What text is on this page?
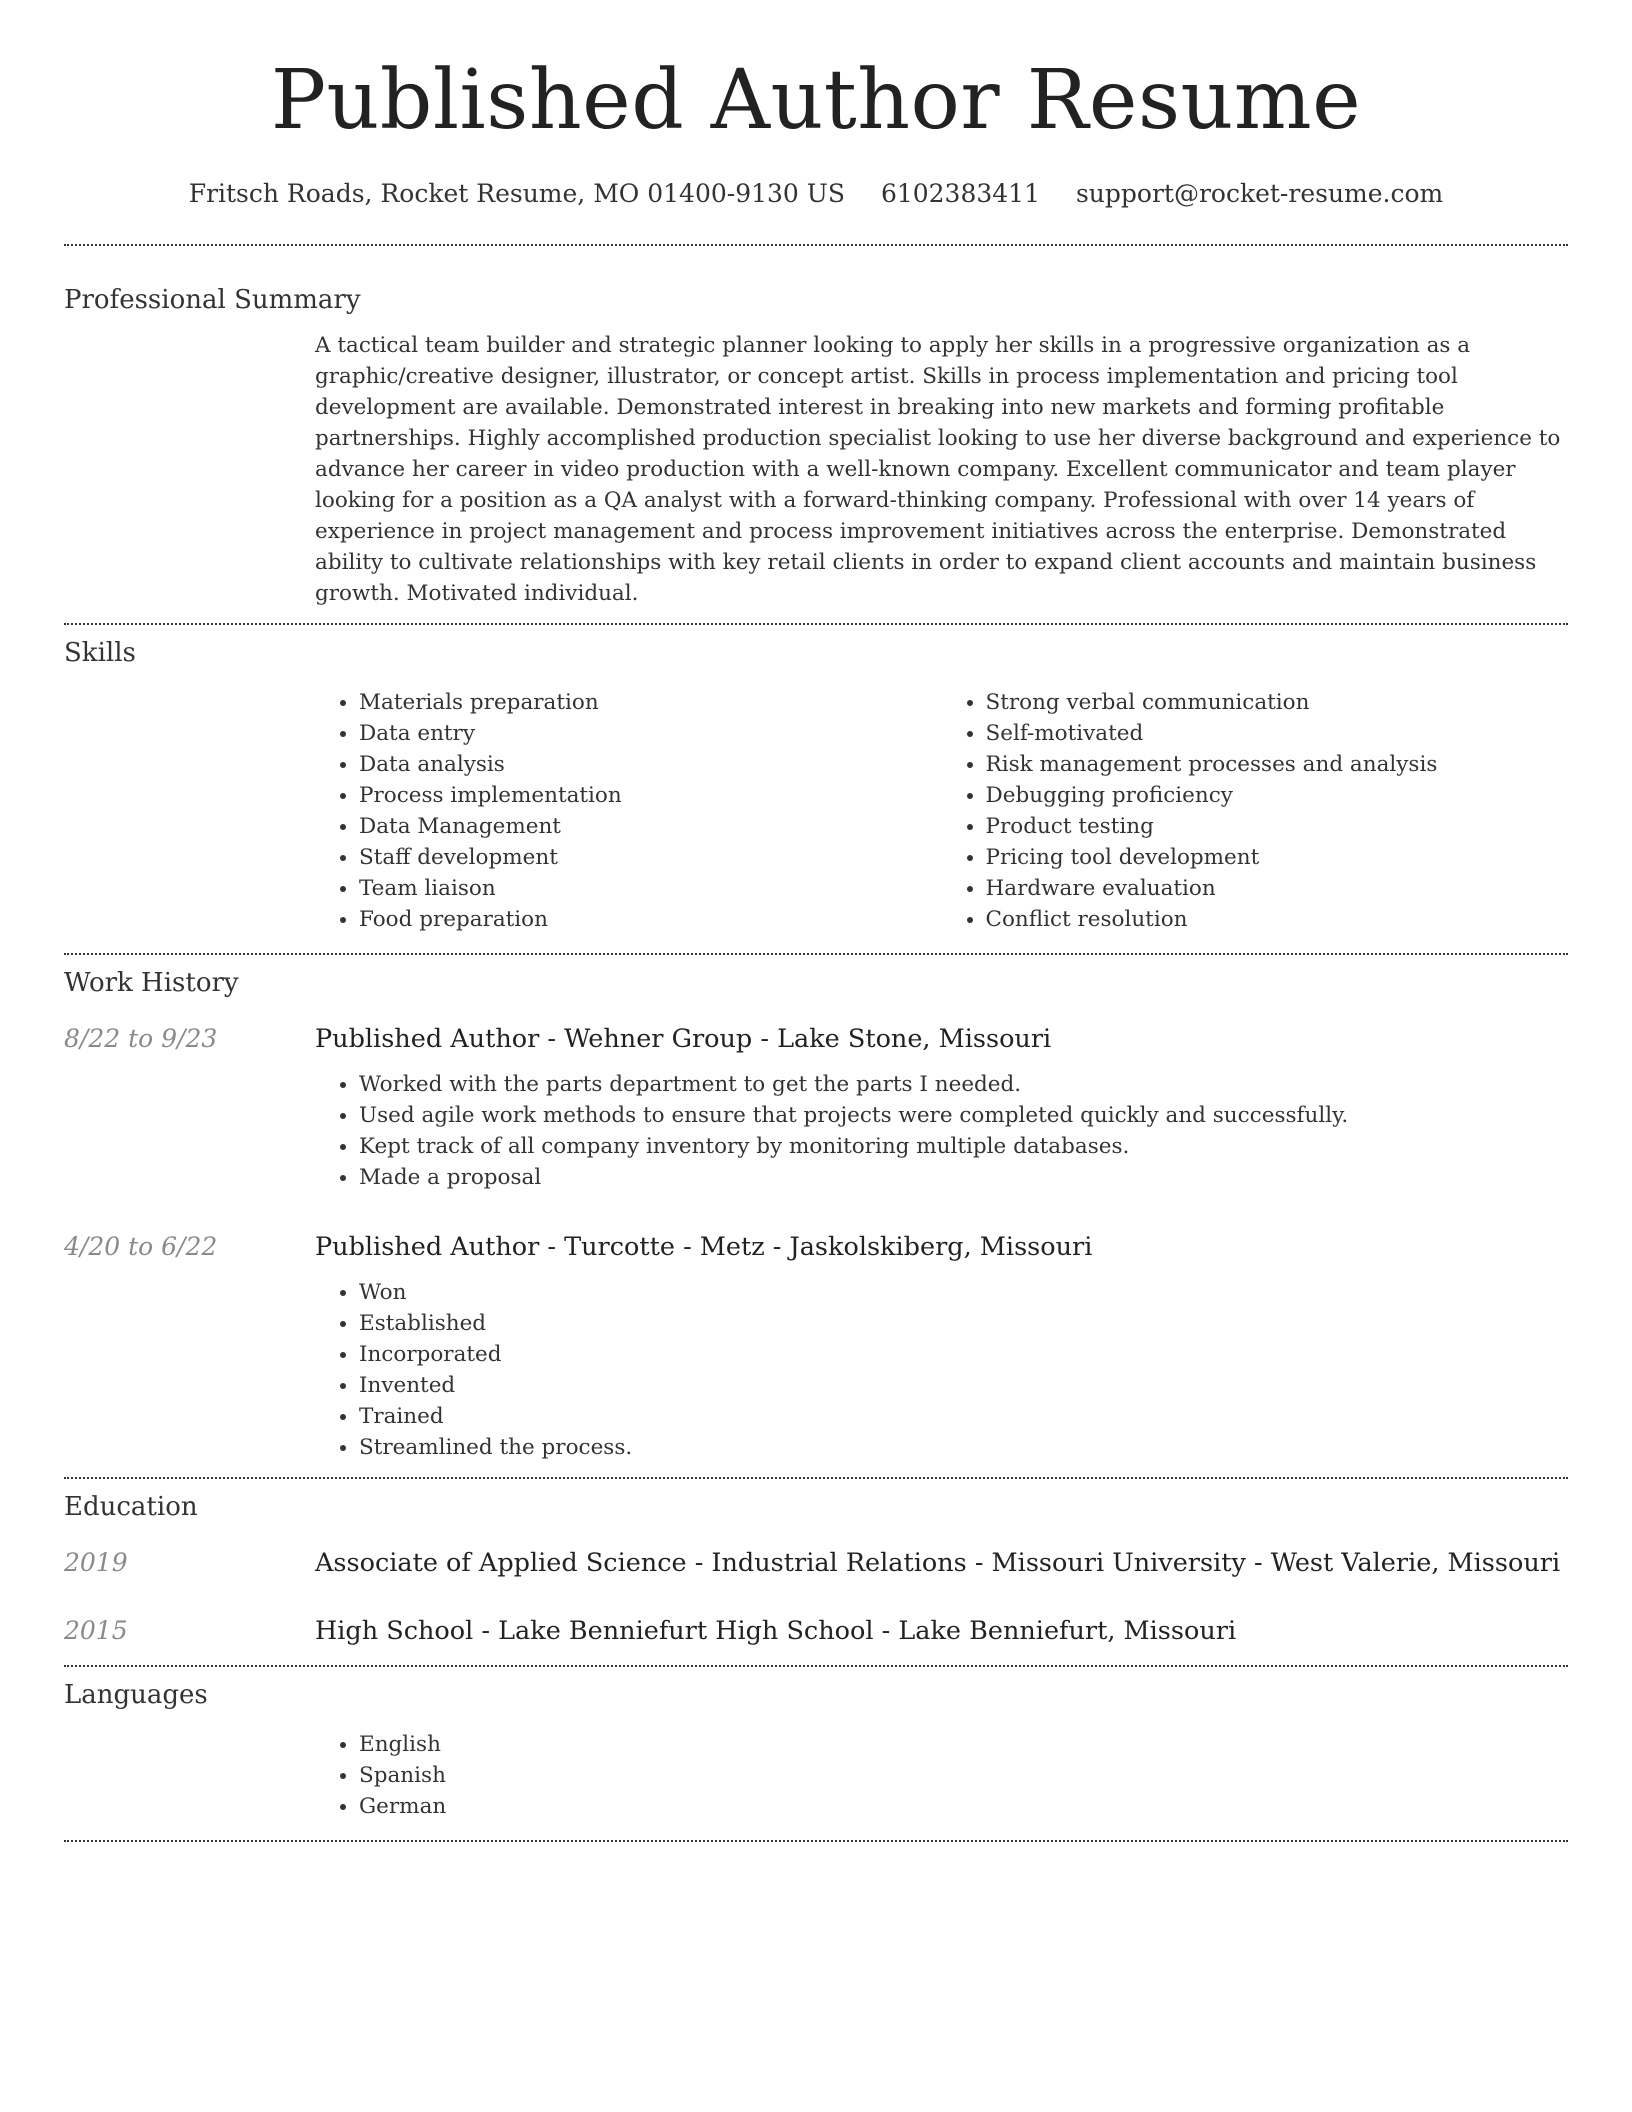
Published Author Resume
Fritsch Roads, Rocket Resume, MO 01400-9130 US 6102383411 support@rocket-resume.com
Professional Summary

A tactical team builder and strategic planner looking to apply her skills in a progressive organization as a graphic/creative designer, illustrator, or concept artist. Skills in process implementation and pricing tool development are available. Demonstrated interest in breaking into new markets and forming profitable partnerships. Highly accomplished production specialist looking to use her diverse background and experience to advance her career in video production with a well-known company. Excellent communicator and team player looking for a position as a QA analyst with a forward-thinking company. Professional with over 14 years of experience in project management and process improvement initiatives across the enterprise. Demonstrated ability to cultivate relationships with key retail clients in order to expand client accounts and maintain business growth. Motivated individual.

Skills
• Materials preparation
• Data entry
• Data analysis
• Process implementation
• Data Management
• Staff development
• Team liaison
• Food preparation
• Strong verbal communication
• Self-motivated
• Risk management processes and analysis
• Debugging proficiency
• Product testing
• Pricing tool development
• Hardware evaluation
• Conflict resolution
Work History
8/22 to 9/23	Published Author - Wehner Group - Lake Stone, Missouri
• Worked with the parts department to get the parts I needed.
• Used agile work methods to ensure that projects were completed quickly and successfully.
• Kept track of all company inventory by monitoring multiple databases.
• Made a proposal
4/20 to 6/22	Published Author - Turcotte - Metz - Jaskolskiberg, Missouri
• Won
• Established
• Incorporated
• Invented
• Trained
• Streamlined the process.
Education
2019	Associate of Applied Science - Industrial Relations - Missouri University - West Valerie, Missouri
2015	High School - Lake Benniefurt High School - Lake Benniefurt, Missouri
Languages
• English
• Spanish
• German
